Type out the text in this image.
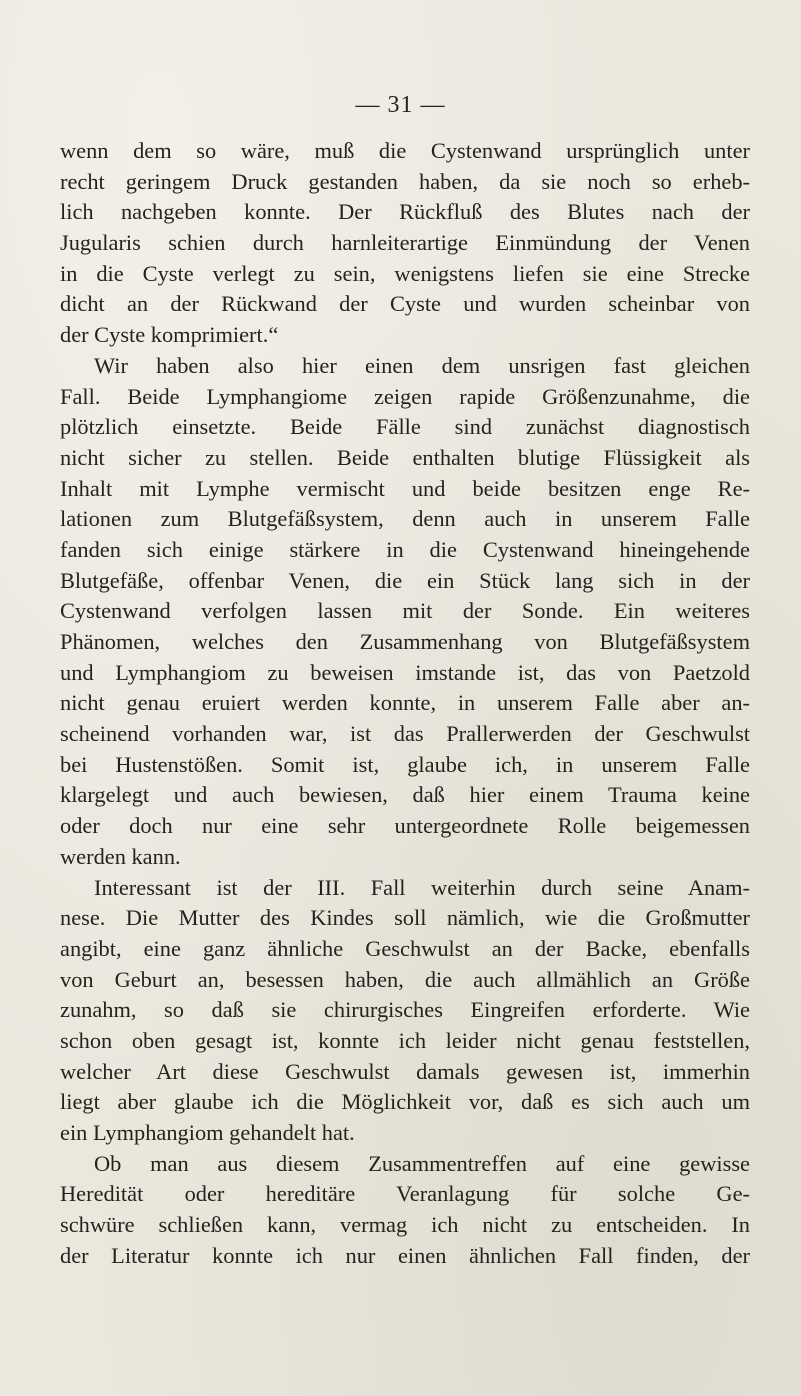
— 31 —

wenn dem so wäre, muß die Cystenwand ursprünglich unter
recht geringem Druck gestanden haben, da sie noch so erheb-
lich nachgeben konnte. Der Rückfluß des Blutes nach der
Jugularis schien durch harnleiterartige Einmündung der Venen
in die Cyste verlegt zu sein, wenigstens liefen sie eine Strecke
dicht an der Rückwand der Cyste und wurden scheinbar von
der Cyste komprimiert.“
Wir haben also hier einen dem unsrigen fast gleichen
Fall. Beide Lymphangiome zeigen rapide Größenzunahme, die
plötzlich einsetzte. Beide Fälle sind zunächst diagnostisch
nicht sicher zu stellen. Beide enthalten blutige Flüssigkeit als
Inhalt mit Lymphe vermischt und beide besitzen enge Re-
lationen zum Blutgefäßsystem, denn auch in unserem Falle
fanden sich einige stärkere in die Cystenwand hineingehende
Blutgefäße, offenbar Venen, die ein Stück lang sich in der
Cystenwand verfolgen lassen mit der Sonde. Ein weiteres
Phänomen, welches den Zusammenhang von Blutgefäßsystem
und Lymphangiom zu beweisen imstande ist, das von Paetzold
nicht genau eruiert werden konnte, in unserem Falle aber an-
scheinend vorhanden war, ist das Prallerwerden der Geschwulst
bei Hustenstößen. Somit ist, glaube ich, in unserem Falle
klargelegt und auch bewiesen, daß hier einem Trauma keine
oder doch nur eine sehr untergeordnete Rolle beigemessen
werden kann.
Interessant ist der III. Fall weiterhin durch seine Anam-
nese. Die Mutter des Kindes soll nämlich, wie die Großmutter
angibt, eine ganz ähnliche Geschwulst an der Backe, ebenfalls
von Geburt an, besessen haben, die auch allmählich an Größe
zunahm, so daß sie chirurgisches Eingreifen erforderte. Wie
schon oben gesagt ist, konnte ich leider nicht genau feststellen,
welcher Art diese Geschwulst damals gewesen ist, immerhin
liegt aber glaube ich die Möglichkeit vor, daß es sich auch um
ein Lymphangiom gehandelt hat.
Ob man aus diesem Zusammentreffen auf eine gewisse
Heredität oder hereditäre Veranlagung für solche Ge-
schwüre schließen kann, vermag ich nicht zu entscheiden. In
der Literatur konnte ich nur einen ähnlichen Fall finden, der
